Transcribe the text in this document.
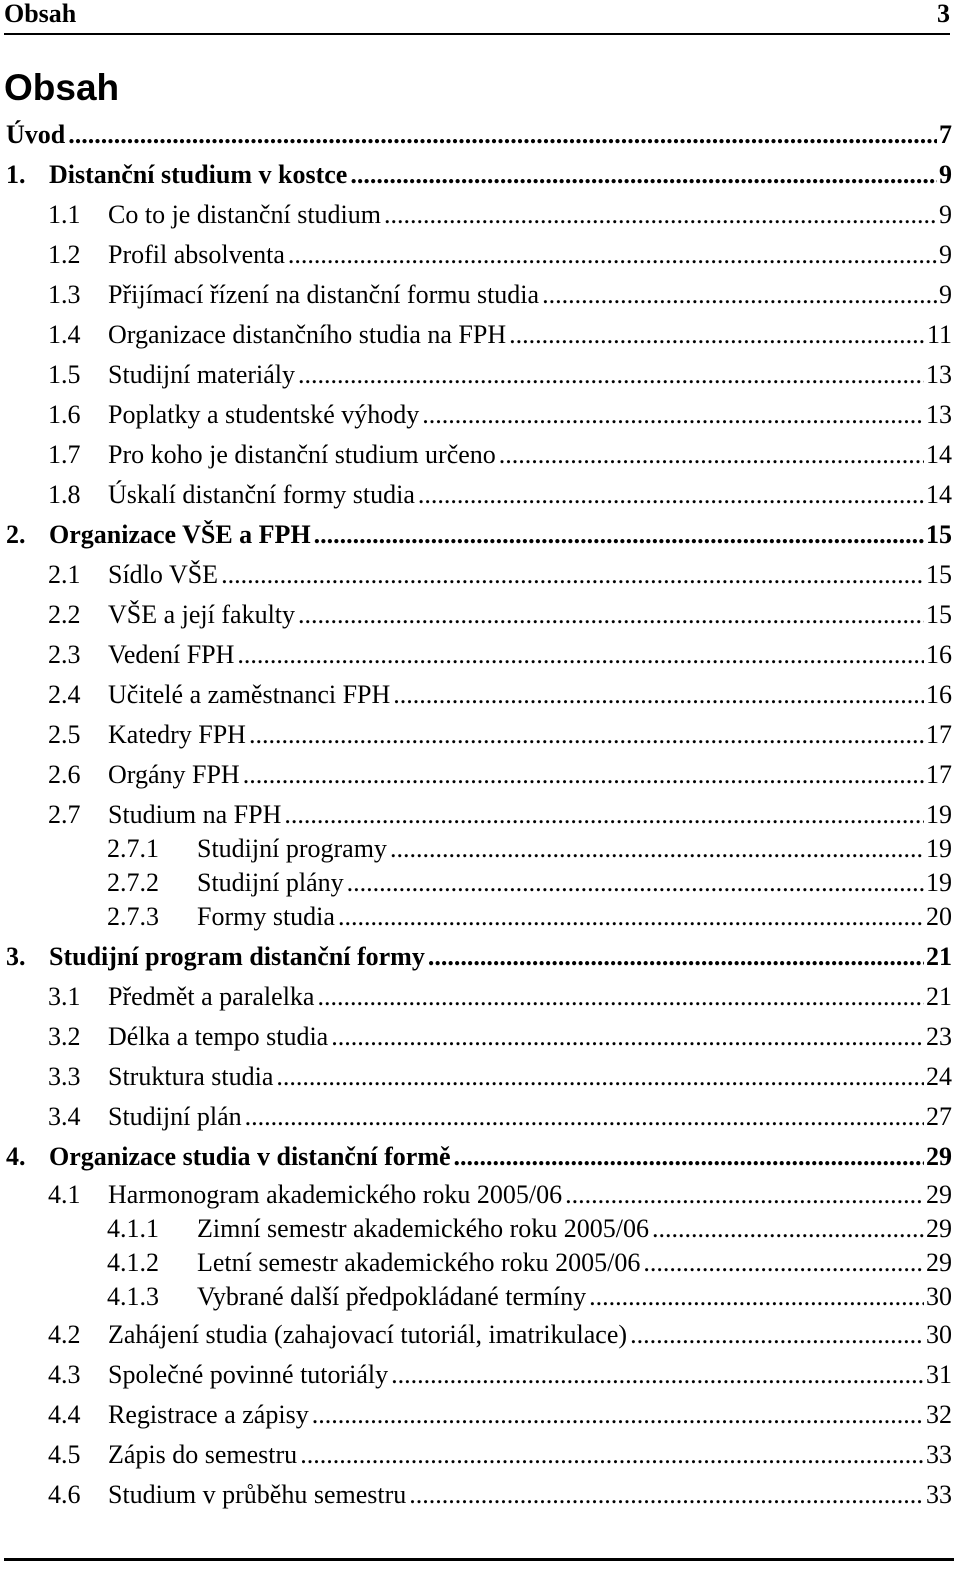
Obsah	3
Obsah
Úvod .....	7
1. Distanční studium v kostce .....	9
1.1	Co to je distanční studium .....	9
1.2	Profil absolventa .....	9
1.3	Přijímací řízení na distanční formu studia .....	9
1.4	Organizace distančního studia na FPH .....	11
1.5	Studijní materiály .....	13
1.6	Poplatky a studentské výhody .....	13
1.7	Pro koho je distanční studium určeno .....	14
1.8	Úskalí distanční formy studia .....	14
2. Organizace VŠE a FPH .....	15
2.1	Sídlo VŠE .....	15
2.2	VŠE a její fakulty .....	15
2.3	Vedení FPH .....	16
2.4	Učitelé a zaměstnanci FPH .....	16
2.5	Katedry FPH .....	17
2.6	Orgány FPH .....	17
2.7	Studium na FPH .....	19
2.7.1	Studijní programy .....	19
2.7.2	Studijní plány .....	19
2.7.3	Formy studia .....	20
3. Studijní program distanční formy .....	21
3.1	Předmět a paralelka .....	21
3.2	Délka a tempo studia .....	23
3.3	Struktura studia .....	24
3.4	Studijní plán .....	27
4. Organizace studia v distanční formě .....	29
4.1	Harmonogram akademického roku 2005/06 .....	29
4.1.1	Zimní semestr akademického roku 2005/06 .....	29
4.1.2	Letní semestr akademického roku 2005/06 .....	29
4.1.3	Vybrané další předpokládané termíny .....	30
4.2	Zahájení studia (zahajovací tutoriál, imatrikulace) .....	30
4.3	Společné povinné tutoriály .....	31
4.4	Registrace a zápisy .....	32
4.5	Zápis do semestru .....	33
4.6	Studium v průběhu semestru .....	33
